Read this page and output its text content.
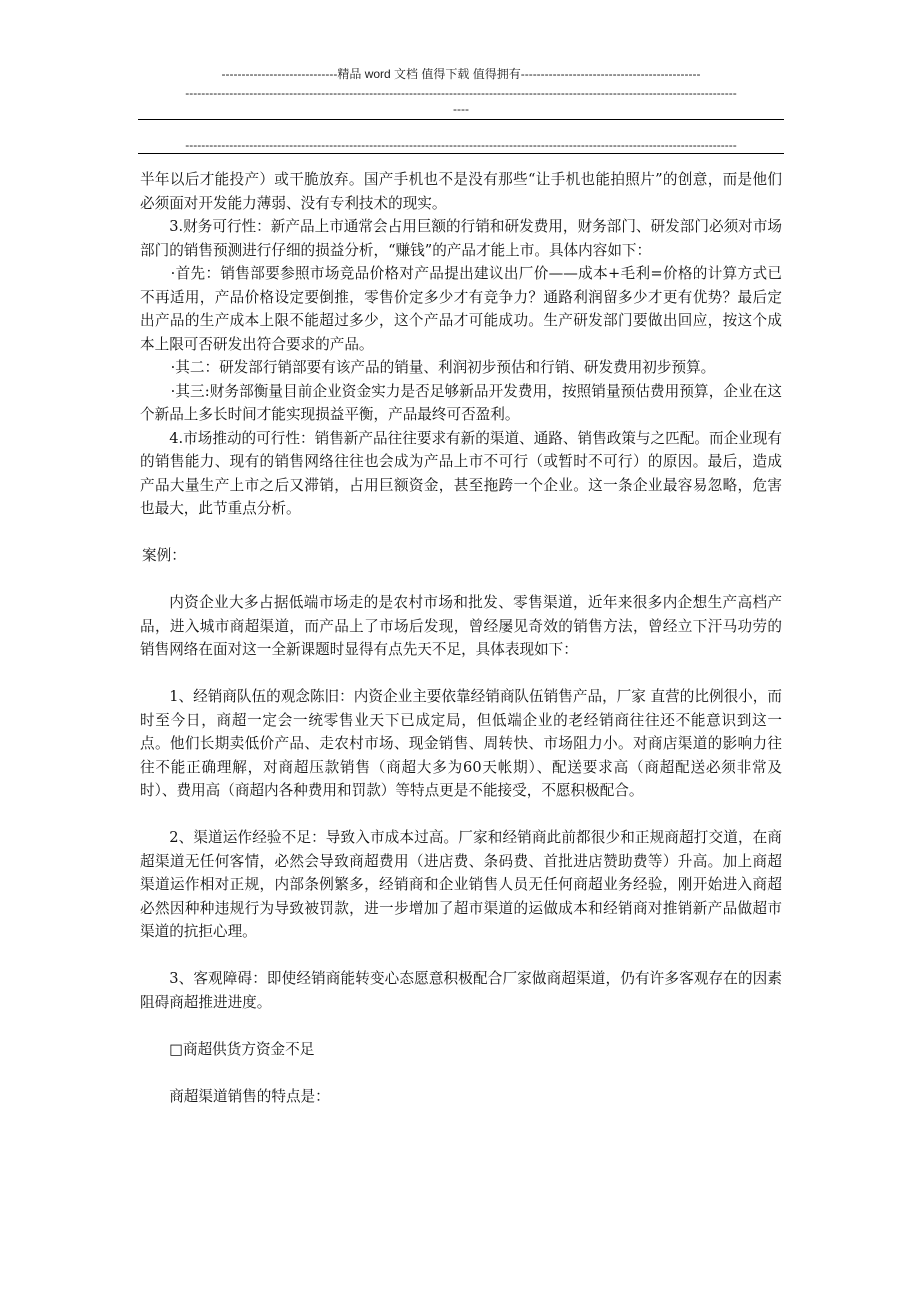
-----------------------------精品 word 文档 值得下载 值得拥有---------------------------------------------
------------------------------------------------------------------------------------------------------------------------------------------
----
------------------------------------------------------------------------------------------------------------------------------------------

半年以后才能投产）或干脆放弃。国产手机也不是没有那些“让手机也能拍照片”的创意，而是他们必须面对开发能力薄弱、没有专利技术的现实。

3.财务可行性：新产品上市通常会占用巨额的行销和研发费用，财务部门、研发部门必须对市场部门的销售预测进行仔细的损益分析，“赚钱”的产品才能上市。具体内容如下：

·首先：销售部要参照市场竞品价格对产品提出建议出厂价——成本+毛利=价格的计算方式已不再适用，产品价格设定要倒推，零售价定多少才有竞争力？通路利润留多少才更有优势？最后定出产品的生产成本上限不能超过多少，这个产品才可能成功。生产研发部门要做出回应，按这个成本上限可否研发出符合要求的产品。

·其二：研发部行销部要有该产品的销量、利润初步预估和行销、研发费用初步预算。

·其三:财务部衡量目前企业资金实力是否足够新品开发费用，按照销量预估费用预算，企业在这个新品上多长时间才能实现损益平衡，产品最终可否盈利。

4.市场推动的可行性：销售新产品往往要求有新的渠道、通路、销售政策与之匹配。而企业现有的销售能力、现有的销售网络往往也会成为产品上市不可行（或暂时不可行）的原因。最后，造成产品大量生产上市之后又滞销，占用巨额资金，甚至拖跨一个企业。这一条企业最容易忽略，危害也最大，此节重点分析。

案例：

内资企业大多占据低端市场走的是农村市场和批发、零售渠道，近年来很多内企想生产高档产品，进入城市商超渠道，而产品上了市场后发现，曾经屡见奇效的销售方法，曾经立下汗马功劳的销售网络在面对这一全新课题时显得有点先天不足，具体表现如下：

1、经销商队伍的观念陈旧：内资企业主要依靠经销商队伍销售产品，厂家 直营的比例很小，而时至今日，商超一定会一统零售业天下已成定局，但低端企业的老经销商往往还不能意识到这一点。他们长期卖低价产品、走农村市场、现金销售、周转快、市场阻力小。对商店渠道的影响力往往不能正确理解，对商超压款销售（商超大多为60天帐期）、配送要求高（商超配送必须非常及时）、费用高（商超内各种费用和罚款）等特点更是不能接受，不愿积极配合。

2、渠道运作经验不足：导致入市成本过高。厂家和经销商此前都很少和正规商超打交道，在商超渠道无任何客情，必然会导致商超费用（进店费、条码费、首批进店赞助费等）升高。加上商超渠道运作相对正规，内部条例繁多，经销商和企业销售人员无任何商超业务经验，刚开始进入商超必然因种种违规行为导致被罚款，进一步增加了超市渠道的运做成本和经销商对推销新产品做超市渠道的抗拒心理。

3、客观障碍：即使经销商能转变心态愿意积极配合厂家做商超渠道，仍有许多客观存在的因素阻碍商超推进进度。

□商超供货方资金不足

商超渠道销售的特点是：
